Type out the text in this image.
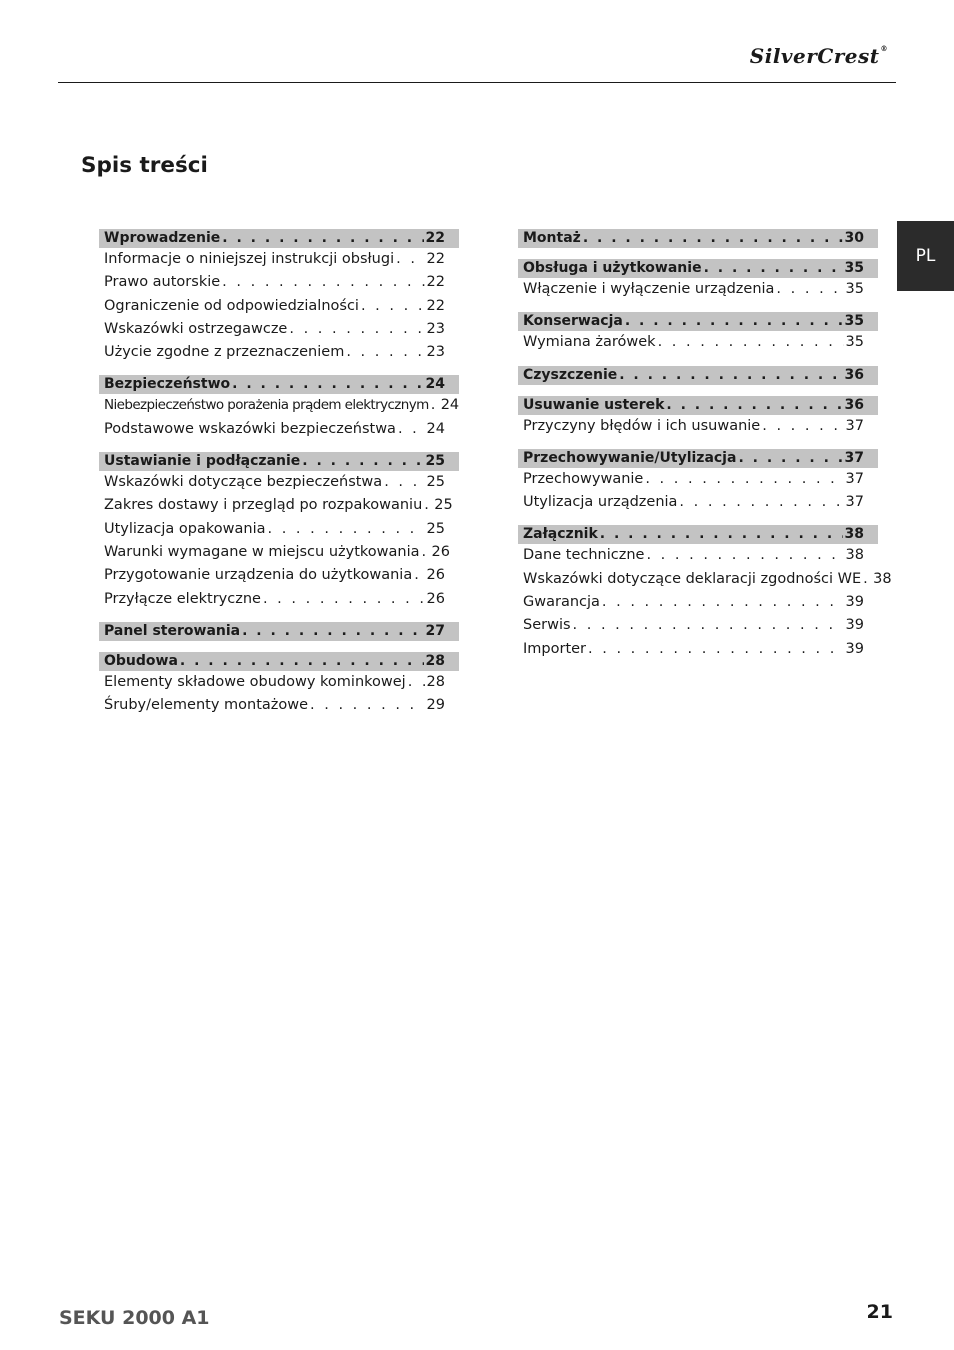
SilverCrest®
PL
Spis treści
Wprowadzenie . . .	22
Informacje o niniejszej instrukcji obsługi . . . 22
Prawo autorskie . . .	22
Ograniczenie od odpowiedzialności . . .	22
Wskazówki ostrzegawcze . . .	23
Użycie zgodne z przeznaczeniem . . .	23
Bezpieczeństwo . . .	24
Niebezpieczeństwo porażenia prądem elektrycznym . . . 24
Podstawowe wskazówki bezpieczeństwa . . . 24
Ustawianie i podłączanie . . .	25
Wskazówki dotyczące bezpieczeństwa . . .	25
Zakres dostawy i przegląd po rozpakowaniu . . . 25
Utylizacja opakowania . . .	25
Warunki wymagane w miejscu użytkowania . . . 26
Przygotowanie urządzenia do użytkowania . . . 26
Przyłącze elektryczne . . .	26
Panel sterowania . . .	27
Obudowa . . .	28
Elementy składowe obudowy kominkowej . . . 28
Śruby/elementy montażowe . . .	29
Montaż . . .	30
Obsługa i użytkowanie . . .	35
Włączenie i wyłączenie urządzenia . . .	35
Konserwacja . . .	35
Wymiana żarówek . . .	35
Czyszczenie . . .	36
Usuwanie usterek . . .	36
Przyczyny błędów i ich usuwanie . . .	37
Przechowywanie/Utylizacja . . .	37
Przechowywanie . . .	37
Utylizacja urządzenia . . .	37
Załącznik . . .	38
Dane techniczne . . .	38
Wskazówki dotyczące deklaracji zgodności WE . . . 38
Gwarancja . . .	39
Serwis . . .	39
Importer . . .	39
SEKU 2000 A1	21
